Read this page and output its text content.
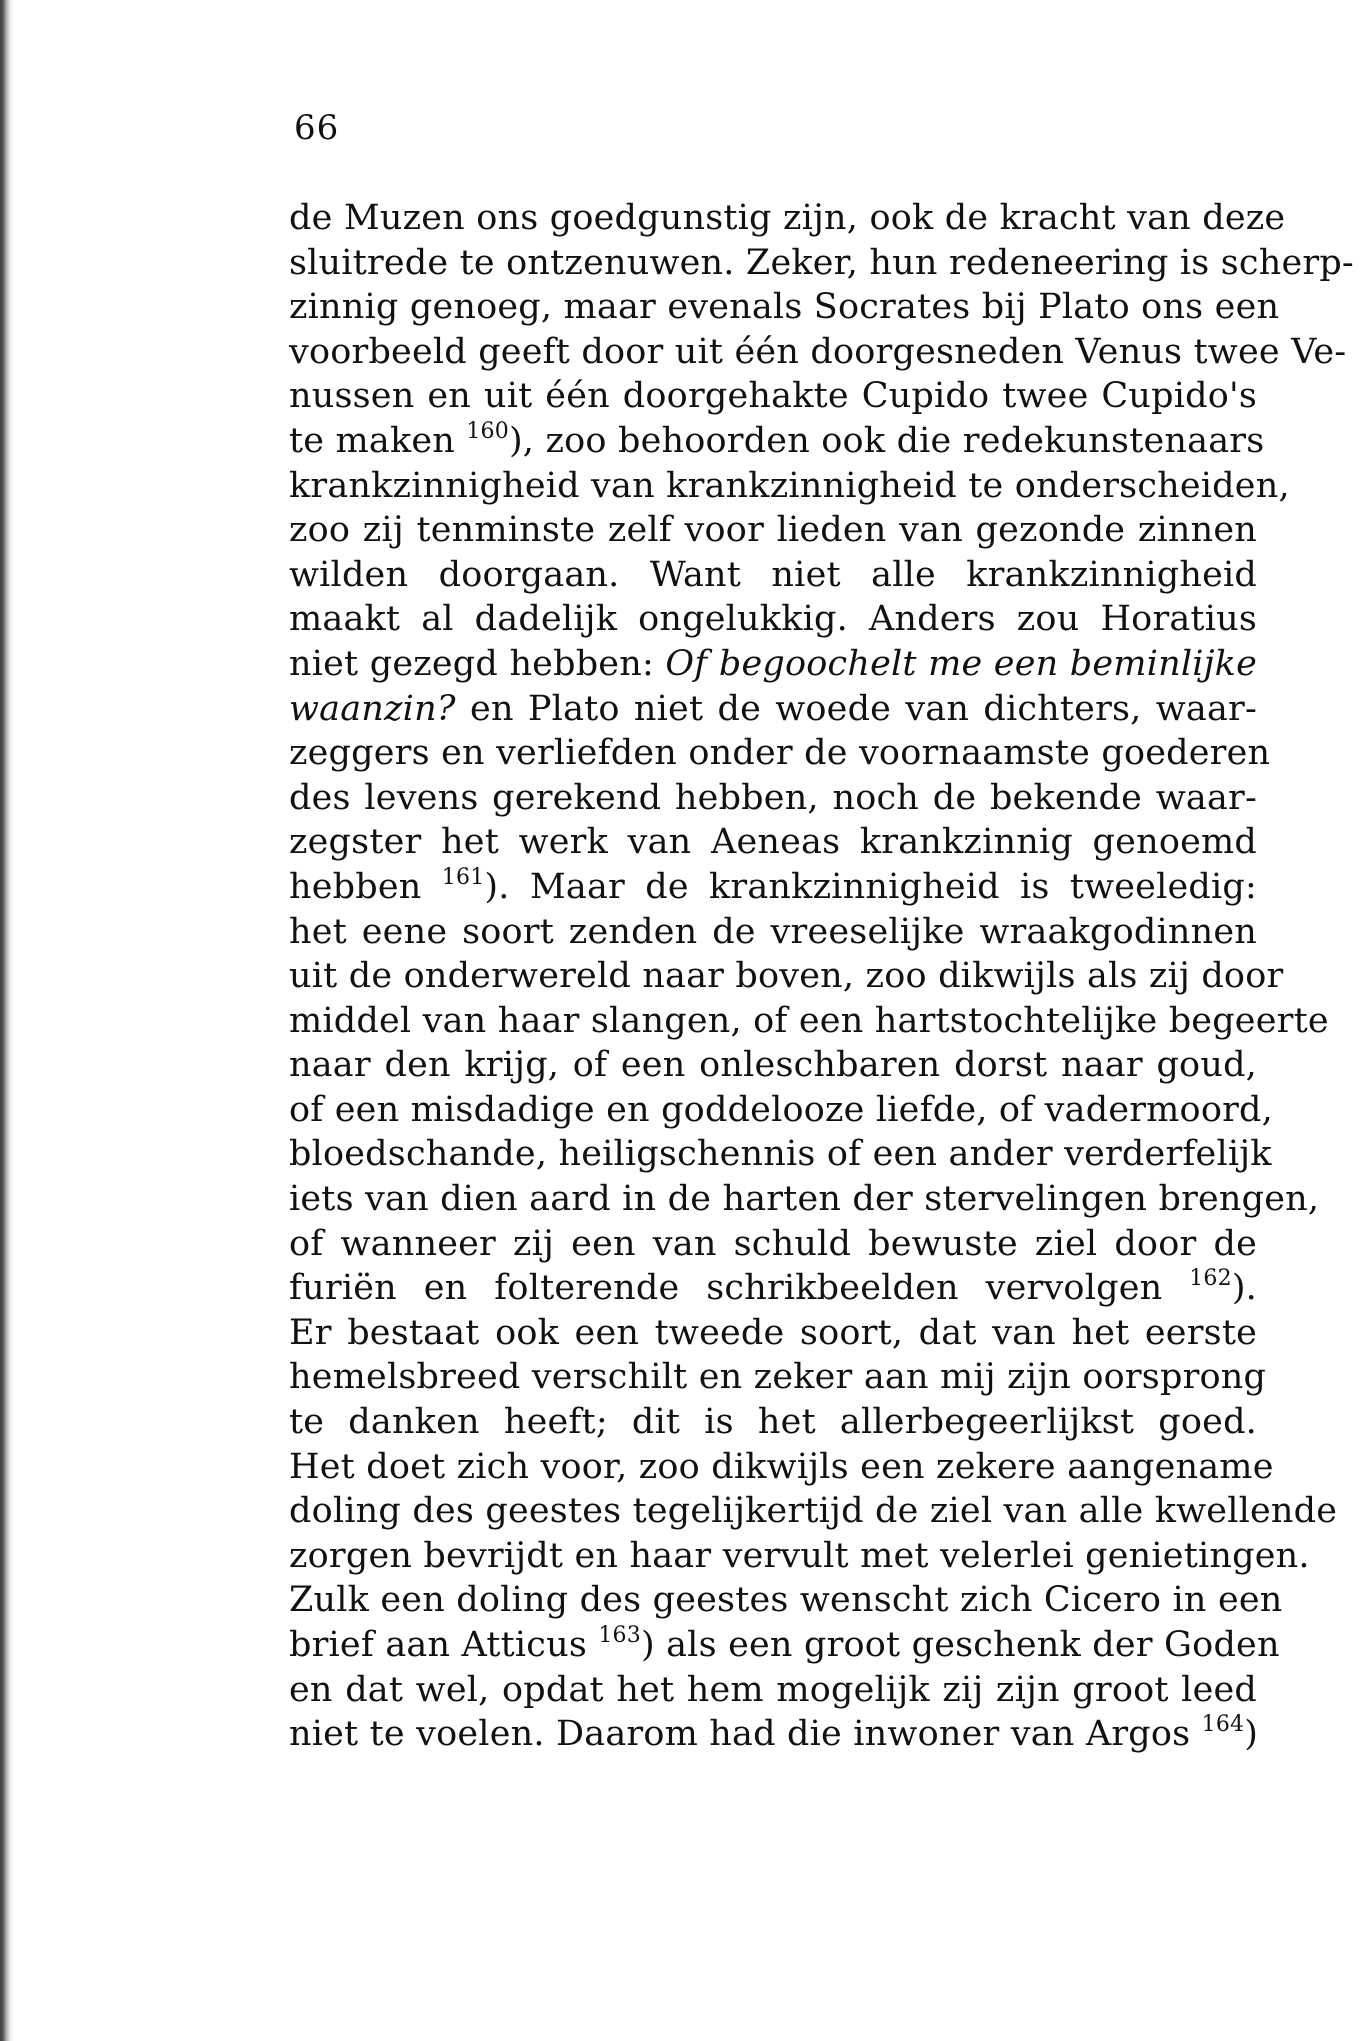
66
de Muzen ons goedgunstig zijn, ook de kracht van deze
sluitrede te ontzenuwen. Zeker, hun redeneering is scherp-
zinnig genoeg, maar evenals Socrates bij Plato ons een
voorbeeld geeft door uit één doorgesneden Venus twee Ve-
nussen en uit één doorgehakte Cupido twee Cupido's
te maken $^{160}$), zoo behoorden ook die redekunstenaars
krankzinnigheid van krankzinnigheid te onderscheiden,
zoo zij tenminste zelf voor lieden van gezonde zinnen
wilden doorgaan. Want niet alle krankzinnigheid
maakt al dadelijk ongelukkig. Anders zou Horatius
niet gezegd hebben: Of begoochelt me een beminlijke
waanzin? en Plato niet de woede van dichters, waar-
zeggers en verliefden onder de voornaamste goederen
des levens gerekend hebben, noch de bekende waar-
zegster het werk van Aeneas krankzinnig genoemd
hebben $^{161}$). Maar de krankzinnigheid is tweeledig:
het eene soort zenden de vreeselijke wraakgodinnen
uit de onderwereld naar boven, zoo dikwijls als zij door
middel van haar slangen, of een hartstochtelijke begeerte
naar den krijg, of een onleschbaren dorst naar goud,
of een misdadige en goddelooze liefde, of vadermoord,
bloedschande, heiligschennis of een ander verderfelijk
iets van dien aard in de harten der stervelingen brengen,
of wanneer zij een van schuld bewuste ziel door de
furiën en folterende schrikbeelden vervolgen $^{162}$).
Er bestaat ook een tweede soort, dat van het eerste
hemelsbreed verschilt en zeker aan mij zijn oorsprong
te danken heeft; dit is het allerbegeerlijkst goed.
Het doet zich voor, zoo dikwijls een zekere aangename
doling des geestes tegelijkertijd de ziel van alle kwellende
zorgen bevrijdt en haar vervult met velerlei genietingen.
Zulk een doling des geestes wenscht zich Cicero in een
brief aan Atticus $^{163}$) als een groot geschenk der Goden
en dat wel, opdat het hem mogelijk zij zijn groot leed
niet te voelen. Daarom had die inwoner van Argos $^{164}$)
